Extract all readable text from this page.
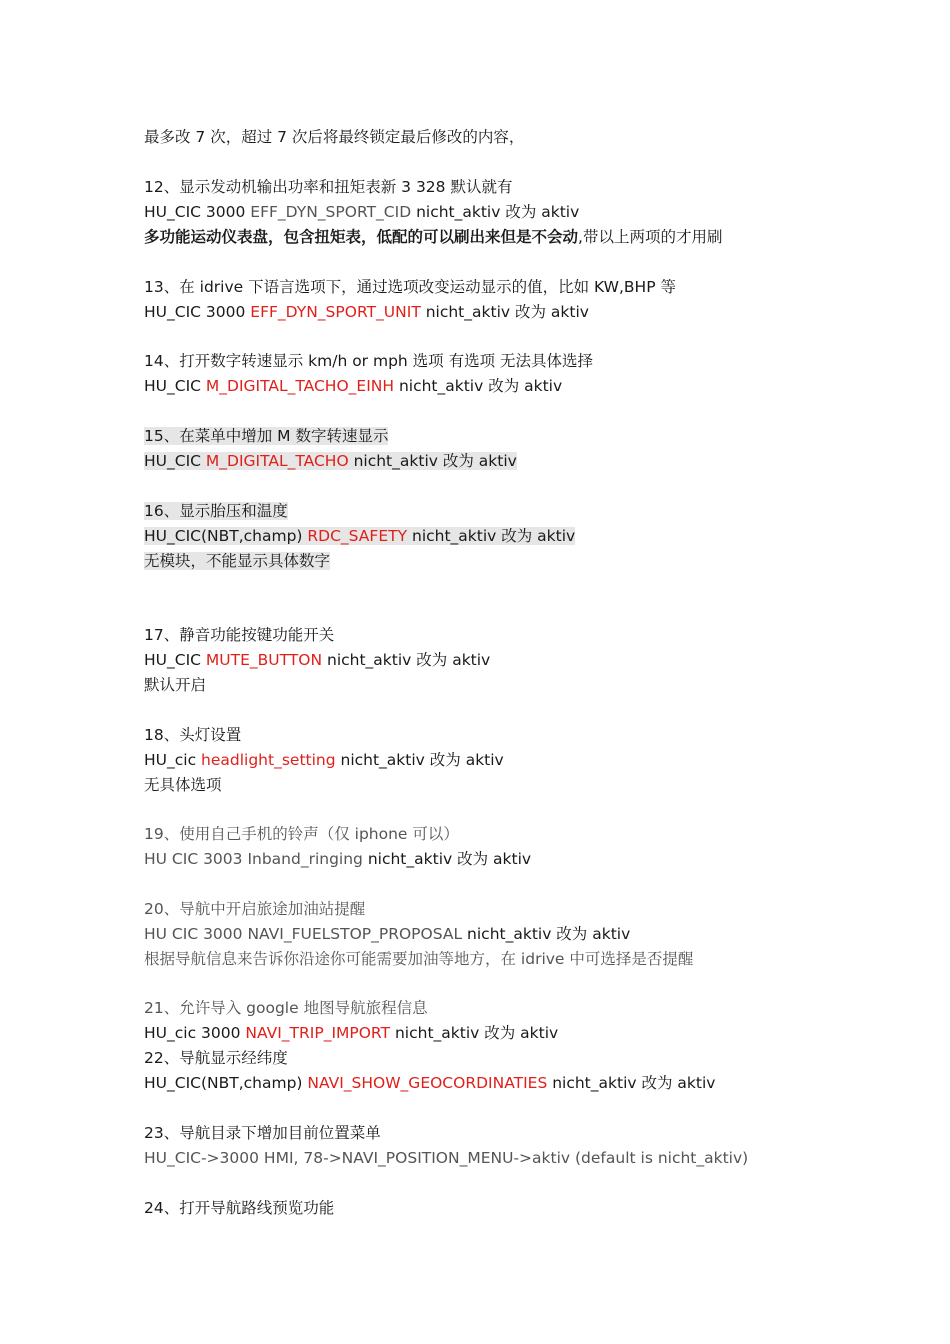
最多改 7 次，超过 7 次后将最终锁定最后修改的内容，
12、显示发动机输出功率和扭矩表新 3 328 默认就有
HU_CIC 3000 EFF_DYN_SPORT_CID nicht_aktiv 改为 aktiv
多功能运动仪表盘，包含扭矩表，低配的可以刷出来但是不会动,带以上两项的才用刷
13、在 idrive 下语言选项下，通过选项改变运动显示的值，比如 KW,BHP 等
HU_CIC 3000 EFF_DYN_SPORT_UNIT nicht_aktiv 改为 aktiv
14、打开数字转速显示 km/h or mph 选项 有选项 无法具体选择
HU_CIC M_DIGITAL_TACHO_EINH nicht_aktiv 改为 aktiv
15、在菜单中增加 M 数字转速显示
HU_CIC M_DIGITAL_TACHO nicht_aktiv 改为 aktiv
16、显示胎压和温度
HU_CIC(NBT,champ) RDC_SAFETY nicht_aktiv 改为 aktiv
无模块，不能显示具体数字
17、静音功能按键功能开关
HU_CIC MUTE_BUTTON nicht_aktiv 改为 aktiv
默认开启
18、头灯设置
HU_cic headlight_setting nicht_aktiv 改为 aktiv
无具体选项
19、使用自己手机的铃声（仅 iphone 可以）
HU CIC 3003 Inband_ringing nicht_aktiv 改为 aktiv
20、导航中开启旅途加油站提醒
HU CIC 3000 NAVI_FUELSTOP_PROPOSAL nicht_aktiv 改为 aktiv
根据导航信息来告诉你沿途你可能需要加油等地方，在 idrive 中可选择是否提醒
21、允许导入 google 地图导航旅程信息
HU_cic 3000 NAVI_TRIP_IMPORT nicht_aktiv 改为 aktiv
22、导航显示经纬度
HU_CIC(NBT,champ) NAVI_SHOW_GEOCORDINATIES nicht_aktiv 改为 aktiv
23、导航目录下增加目前位置菜单
HU_CIC->3000 HMI, 78->NAVI_POSITION_MENU->aktiv (default is nicht_aktiv)
24、打开导航路线预览功能
